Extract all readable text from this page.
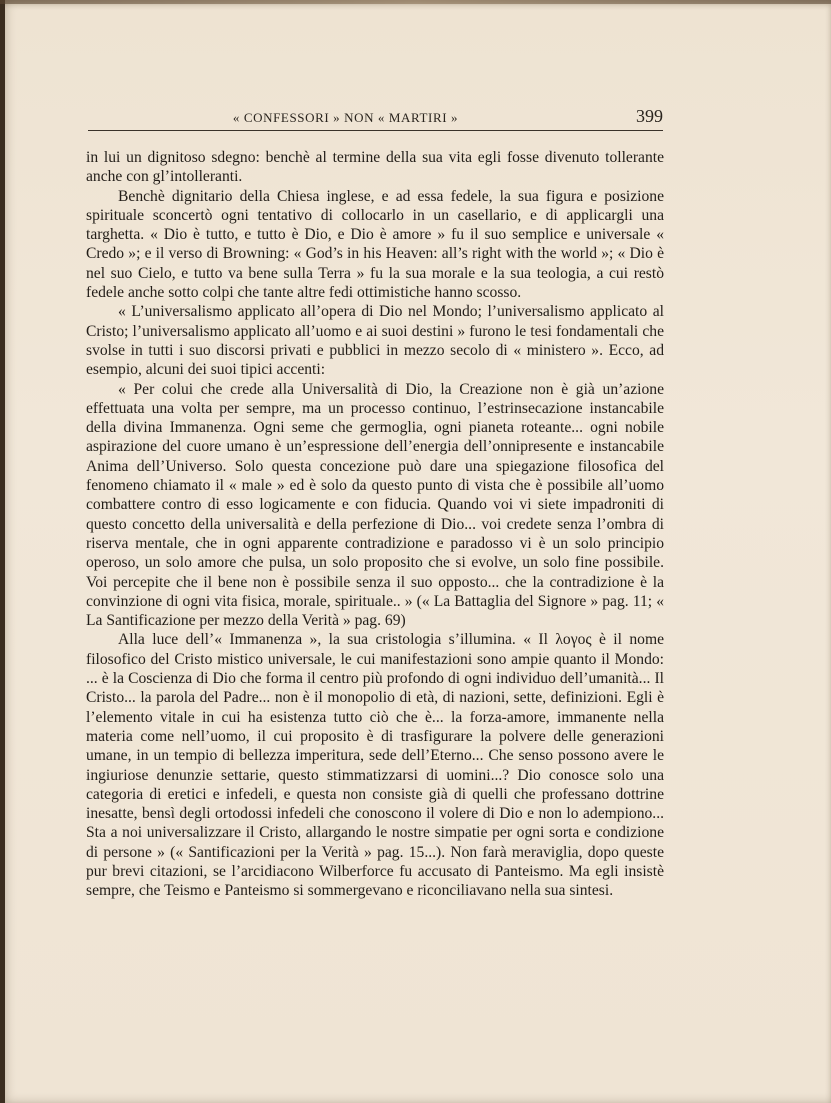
« CONFESSORI » NON « MARTIRI »	399

in lui un dignitoso sdegno: benchè al termine della sua vita egli fosse divenuto tollerante anche con gl’intolleranti.

Benchè dignitario della Chiesa inglese, e ad essa fedele, la sua figura e posizione spirituale sconcertò ogni tentativo di collocarlo in un casellario, e di applicargli una targhetta. « Dio è tutto, e tutto è Dio, e Dio è amore » fu il suo semplice e universale « Credo »; e il verso di Browning: « God’s in his Heaven: all’s right with the world »; « Dio è nel suo Cielo, e tutto va bene sulla Terra » fu la sua morale e la sua teologia, a cui restò fedele anche sotto colpi che tante altre fedi ottimistiche hanno scosso.

« L’universalismo applicato all’opera di Dio nel Mondo; l’universalismo applicato al Cristo; l’universalismo applicato all’uomo e ai suoi destini » furono le tesi fondamentali che svolse in tutti i suo discorsi privati e pubblici in mezzo secolo di « ministero ». Ecco, ad esempio, alcuni dei suoi tipici accenti:

« Per colui che crede alla Universalità di Dio, la Creazione non è già un’azione effettuata una volta per sempre, ma un processo continuo, l’estrinsecazione instancabile della divina Immanenza. Ogni seme che germoglia, ogni pianeta roteante... ogni nobile aspirazione del cuore umano è un’espressione dell’energia dell’onnipresente e instancabile Anima dell’Universo. Solo questa concezione può dare una spiegazione filosofica del fenomeno chiamato il « male » ed è solo da questo punto di vista che è possibile all’uomo combattere contro di esso logicamente e con fiducia. Quando voi vi siete impadroniti di questo concetto della universalità e della perfezione di Dio... voi credete senza l’ombra di riserva mentale, che in ogni apparente contradizione e paradosso vi è un solo principio operoso, un solo amore che pulsa, un solo proposito che si evolve, un solo fine possibile. Voi percepite che il bene non è possibile senza il suo opposto... che la contradizione è la convinzione di ogni vita fisica, morale, spirituale.. » (« La Battaglia del Signore » pag. 11; « La Santificazione per mezzo della Verità » pag. 69)

Alla luce dell’« Immanenza », la sua cristologia s’illumina. « Il λογος è il nome filosofico del Cristo mistico universale, le cui manifestazioni sono ampie quanto il Mondo: ... è la Coscienza di Dio che forma il centro più profondo di ogni individuo dell’umanità... Il Cristo... la parola del Padre... non è il monopolio di età, di nazioni, sette, definizioni. Egli è l’elemento vitale in cui ha esistenza tutto ciò che è... la forza-amore, immanente nella materia come nell’uomo, il cui proposito è di trasfigurare la polvere delle generazioni umane, in un tempio di bellezza imperitura, sede dell’Eterno... Che senso possono avere le ingiuriose denunzie settarie, questo stimmatizzarsi di uomini...? Dio conosce solo una categoria di eretici e infedeli, e questa non consiste già di quelli che professano dottrine inesatte, bensì degli ortodossi infedeli che conoscono il volere di Dio e non lo adempiono... Sta a noi universalizzare il Cristo, allargando le nostre simpatie per ogni sorta e condizione di persone » (« Santificazioni per la Verità » pag. 15...). Non farà meraviglia, dopo queste pur brevi citazioni, se l’arcidiacono Wilberforce fu accusato di Panteismo. Ma egli insistè sempre, che Teismo e Panteismo si sommergevano e riconciliavano nella sua sintesi.
